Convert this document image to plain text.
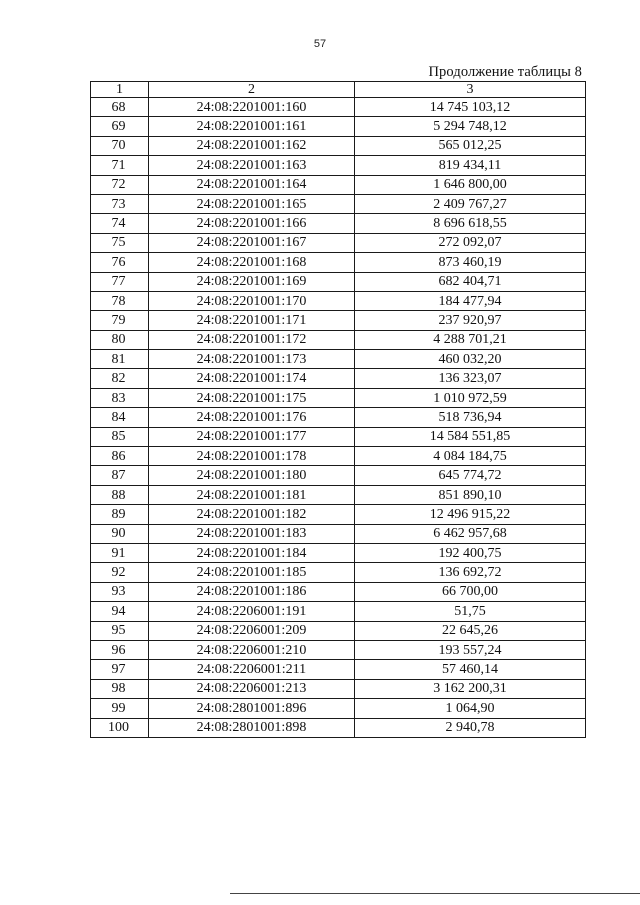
57
Продолжение таблицы 8
1	2	3
68	24:08:2201001:160	14 745 103,12
69	24:08:2201001:161	5 294 748,12
70	24:08:2201001:162	565 012,25
71	24:08:2201001:163	819 434,11
72	24:08:2201001:164	1 646 800,00
73	24:08:2201001:165	2 409 767,27
74	24:08:2201001:166	8 696 618,55
75	24:08:2201001:167	272 092,07
76	24:08:2201001:168	873 460,19
77	24:08:2201001:169	682 404,71
78	24:08:2201001:170	184 477,94
79	24:08:2201001:171	237 920,97
80	24:08:2201001:172	4 288 701,21
81	24:08:2201001:173	460 032,20
82	24:08:2201001:174	136 323,07
83	24:08:2201001:175	1 010 972,59
84	24:08:2201001:176	518 736,94
85	24:08:2201001:177	14 584 551,85
86	24:08:2201001:178	4 084 184,75
87	24:08:2201001:180	645 774,72
88	24:08:2201001:181	851 890,10
89	24:08:2201001:182	12 496 915,22
90	24:08:2201001:183	6 462 957,68
91	24:08:2201001:184	192 400,75
92	24:08:2201001:185	136 692,72
93	24:08:2201001:186	66 700,00
94	24:08:2206001:191	51,75
95	24:08:2206001:209	22 645,26
96	24:08:2206001:210	193 557,24
97	24:08:2206001:211	57 460,14
98	24:08:2206001:213	3 162 200,31
99	24:08:2801001:896	1 064,90
100	24:08:2801001:898	2 940,78
